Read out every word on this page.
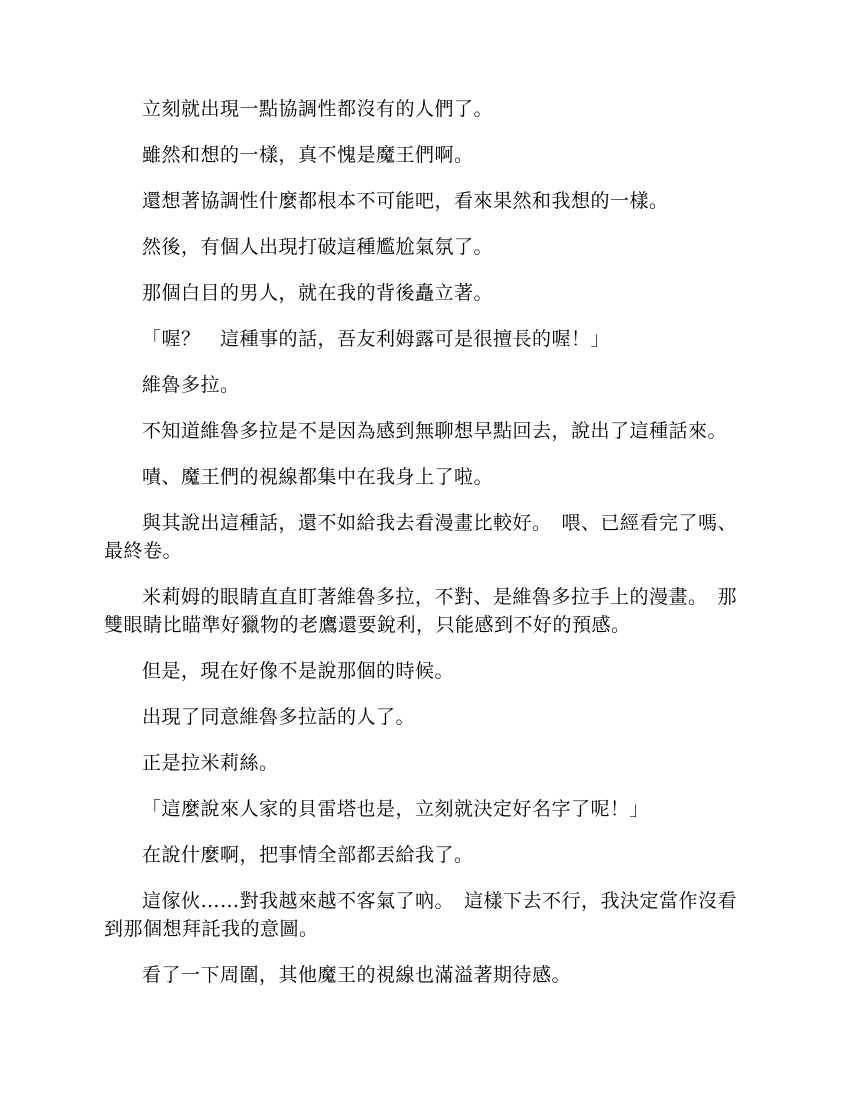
立刻就出現一點協調性都沒有的人們了。

雖然和想的一樣，真不愧是魔王們啊。

還想著協調性什麼都根本不可能吧，看來果然和我想的一樣。

然後，有個人出現打破這種尷尬氣氛了。

那個白目的男人，就在我的背後矗立著。

「喔？　這種事的話，吾友利姆露可是很擅長的喔！」

維魯多拉。

不知道維魯多拉是不是因為感到無聊想早點回去，說出了這種話來。

嘖、魔王們的視線都集中在我身上了啦。

與其說出這種話，還不如給我去看漫畫比較好。　喂、已經看完了嗎、最終卷。

米莉姆的眼睛直直盯著維魯多拉，不對、是維魯多拉手上的漫畫。　那雙眼睛比瞄準好獵物的老鷹還要銳利，只能感到不好的預感。

但是，現在好像不是說那個的時候。

出現了同意維魯多拉話的人了。

正是拉米莉絲。

「這麼說來人家的貝雷塔也是，立刻就決定好名字了呢！」

在說什麼啊，把事情全部都丟給我了。

這傢伙……對我越來越不客氣了吶。　這樣下去不行，我決定當作沒看到那個想拜託我的意圖。

看了一下周圍，其他魔王的視線也滿溢著期待感。
